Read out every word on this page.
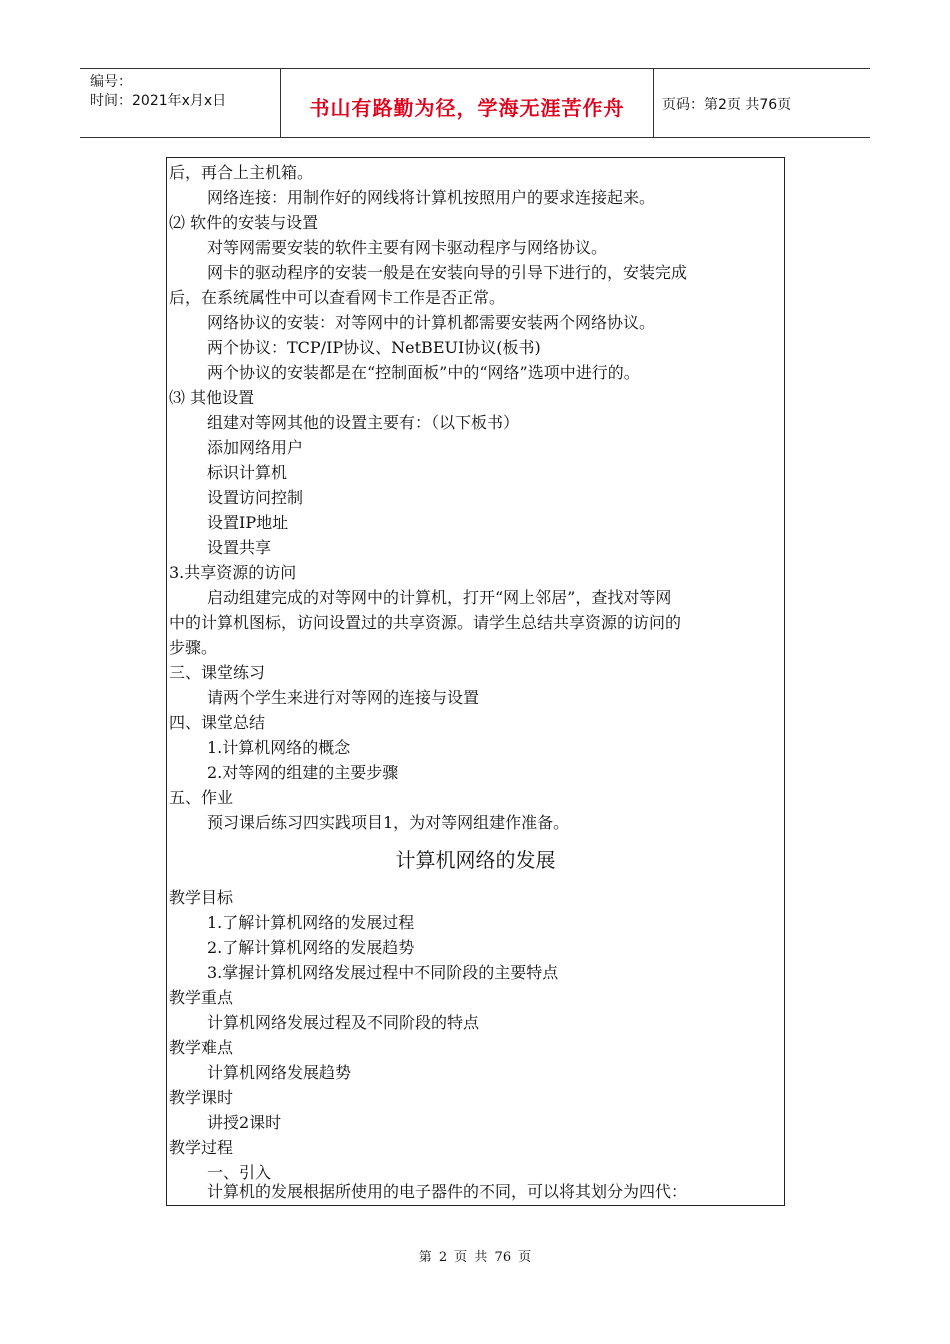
编号：
时间：2021年x月x日	书山有路勤为径，学海无涯苦作舟	页码：第2页 共76页
后，再合上主机箱。
网络连接：用制作好的网线将计算机按照用户的要求连接起来。
⑵ 软件的安装与设置
对等网需要安装的软件主要有网卡驱动程序与网络协议。
网卡的驱动程序的安装一般是在安装向导的引导下进行的，安装完成
后，在系统属性中可以查看网卡工作是否正常。
网络协议的安装：对等网中的计算机都需要安装两个网络协议。
两个协议：TCP/IP协议、NetBEUI协议(板书)
两个协议的安装都是在“控制面板”中的“网络”选项中进行的。
⑶ 其他设置
组建对等网其他的设置主要有：（以下板书）
添加网络用户
标识计算机
设置访问控制
设置IP地址
设置共享
3.共享资源的访问
启动组建完成的对等网中的计算机，打开“网上邻居”，查找对等网
中的计算机图标，访问设置过的共享资源。请学生总结共享资源的访问的
步骤。
三、课堂练习
请两个学生来进行对等网的连接与设置
四、课堂总结
1.计算机网络的概念
2.对等网的组建的主要步骤
五、作业
预习课后练习四实践项目1，为对等网组建作准备。
计算机网络的发展
教学目标
1.了解计算机网络的发展过程
2.了解计算机网络的发展趋势
3.掌握计算机网络发展过程中不同阶段的主要特点
教学重点
计算机网络发展过程及不同阶段的特点
教学难点
计算机网络发展趋势
教学课时
讲授2课时
教学过程
一、引入
计算机的发展根据所使用的电子器件的不同，可以将其划分为四代：
第 2 页 共 76 页
